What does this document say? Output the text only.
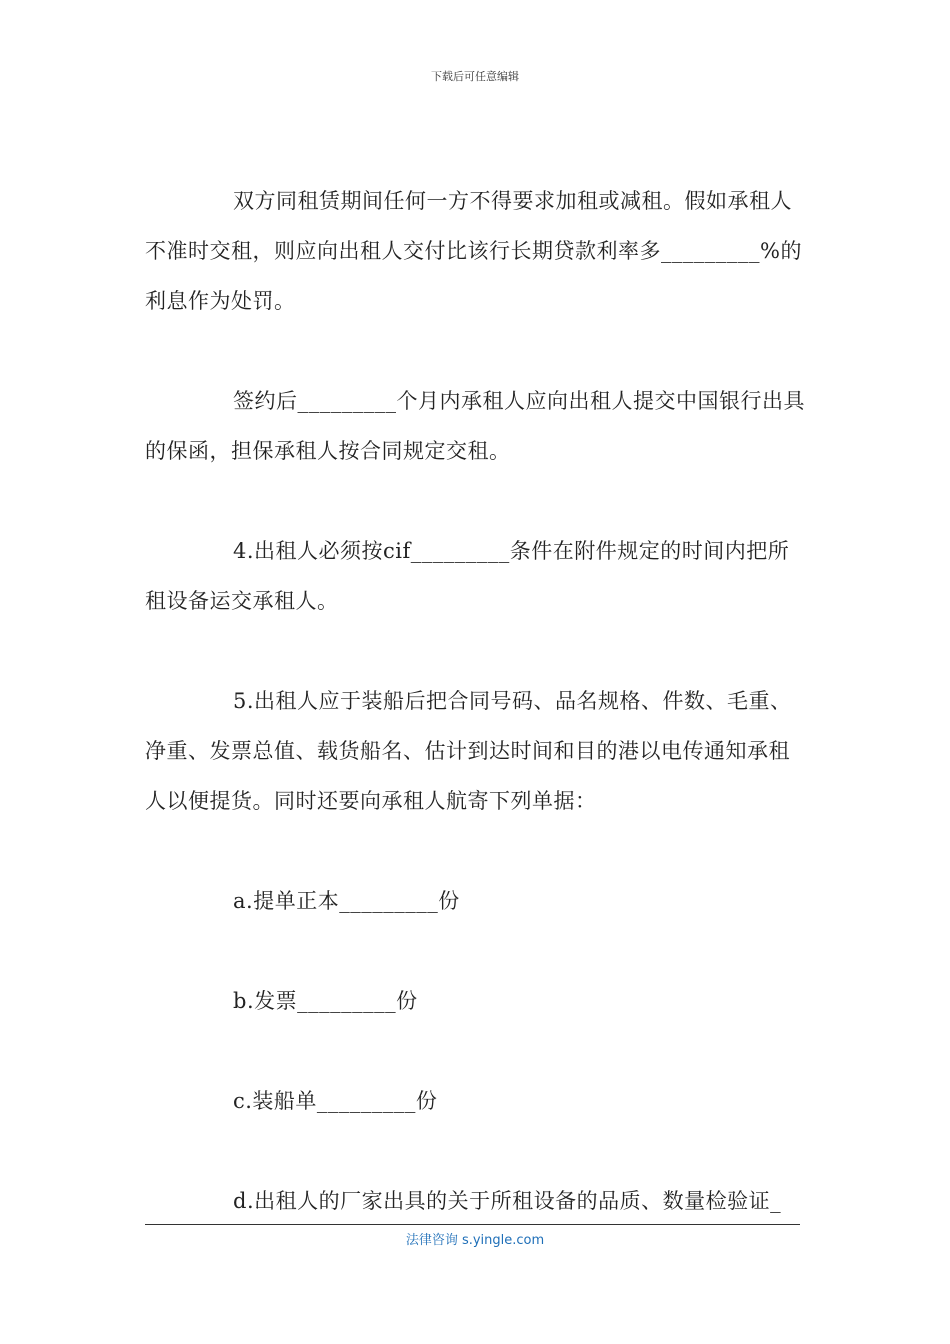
下载后可任意编辑

双方同租赁期间任何一方不得要求加租或减租。假如承租人不准时交租，则应向出租人交付比该行长期贷款利率多_________%的利息作为处罚。

签约后_________个月内承租人应向出租人提交中国银行出具的保函，担保承租人按合同规定交租。

4.出租人必须按cif_________条件在附件规定的时间内把所租设备运交承租人。

5.出租人应于装船后把合同号码、品名规格、件数、毛重、净重、发票总值、载货船名、估计到达时间和目的港以电传通知承租人以便提货。同时还要向承租人航寄下列单据：

a.提单正本_________份

b.发票_________份

c.装船单_________份

d.出租人的厂家出具的关于所租设备的品质、数量检验证_

法律咨询 s.yingle.com
